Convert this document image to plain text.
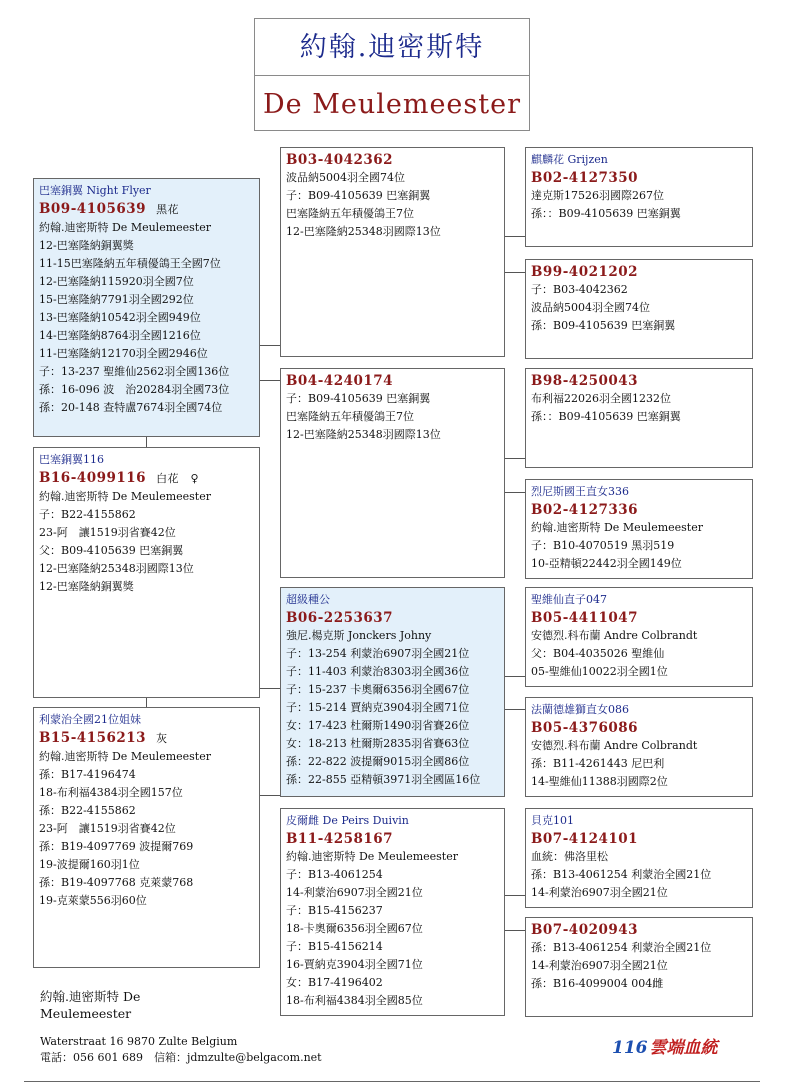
約翰.迪密斯特
De Meulemeester
巴塞銅翼 Night Flyer
B09-4105639 黑花
約翰.迪密斯特 De Meulemeester
12-巴塞隆納銅翼獎
11-15巴塞隆納五年積優鴿王全國7位
12-巴塞隆納115920羽全國7位
15-巴塞隆納7791羽全國292位
13-巴塞隆納10542羽全國949位
14-巴塞隆納8764羽全國1216位
11-巴塞隆納12170羽全國2946位
子：13-237 聖維仙2562羽全國136位
孫：16-096 波　治20284羽全國73位
孫：20-148 查特盧7674羽全國74位
巴塞銅翼116
B16-4099116 白花　♀
約翰.迪密斯特 De Meulemeester
子：B22-4155862
23-阿　讓1519羽省賽42位
父：B09-4105639 巴塞銅翼
12-巴塞隆納25348羽國際13位
12-巴塞隆納銅翼獎
利蒙治全國21位姐妹
B15-4156213 灰
約翰.迪密斯特 De Meulemeester
孫：B17-4196474
18-布利福4384羽全國157位
孫：B22-4155862
23-阿　讓1519羽省賽42位
孫：B19-4097769 波提爾769
19-波提爾160羽1位
孫：B19-4097768 克萊蒙768
19-克萊蒙556羽60位
B03-4042362
波品納5004羽全國74位
子：B09-4105639 巴塞銅翼
巴塞隆納五年積優鴿王7位
12-巴塞隆納25348羽國際13位
B04-4240174
子：B09-4105639 巴塞銅翼
巴塞隆納五年積優鴿王7位
12-巴塞隆納25348羽國際13位
超級種公
B06-2253637
強尼.楊克斯 Jonckers Johny
子：13-254 利蒙治6907羽全國21位
子：11-403 利蒙治8303羽全國36位
子：15-237 卡奧爾6356羽全國67位
子：15-214 賈納克3904羽全國71位
女：17-423 杜爾斯1490羽省賽26位
女：18-213 杜爾斯2835羽省賽63位
孫：22-822 波提爾9015羽全國86位
孫：22-855 亞精頓3971羽全國區16位
皮爾雌 De Peirs Duivin
B11-4258167
約翰.迪密斯特 De Meulemeester
子：B13-4061254
14-利蒙治6907羽全國21位
子：B15-4156237
18-卡奧爾6356羽全國67位
子：B15-4156214
16-賈納克3904羽全國71位
女：B17-4196402
18-布利福4384羽全國85位
麒麟花 Grijzen
B02-4127350
達克斯17526羽國際267位
孫：：B09-4105639 巴塞銅翼
B99-4021202
子：B03-4042362
波品納5004羽全國74位
孫：B09-4105639 巴塞銅翼
B98-4250043
布利福22026羽全國1232位
孫：：B09-4105639 巴塞銅翼
烈尼斯國王直女336
B02-4127336
約翰.迪密斯特 De Meulemeester
子：B10-4070519 黑羽519
10-亞精頓22442羽全國149位
聖維仙直子047
B05-4411047
安德烈.科布蘭 Andre Colbrandt
父：B04-4035026 聖維仙
05-聖維仙10022羽全國1位
法蘭德雄獅直女086
B05-4376086
安德烈.科布蘭 Andre Colbrandt
孫：B11-4261443 尼巴利
14-聖維仙11388羽國際2位
貝克101
B07-4124101
血統：佛洛里松
孫：B13-4061254 利蒙治全國21位
14-利蒙治6907羽全國21位
B07-4020943
孫：B13-4061254 利蒙治全國21位
14-利蒙治6907羽全國21位
孫：B16-4099004 004雌
約翰.迪密斯特 De Meulemeester
Waterstraat 16 9870 Zulte Belgium
電話：056 601 689　信箱：jdmzulte@belgacom.net	116 雲端血統
